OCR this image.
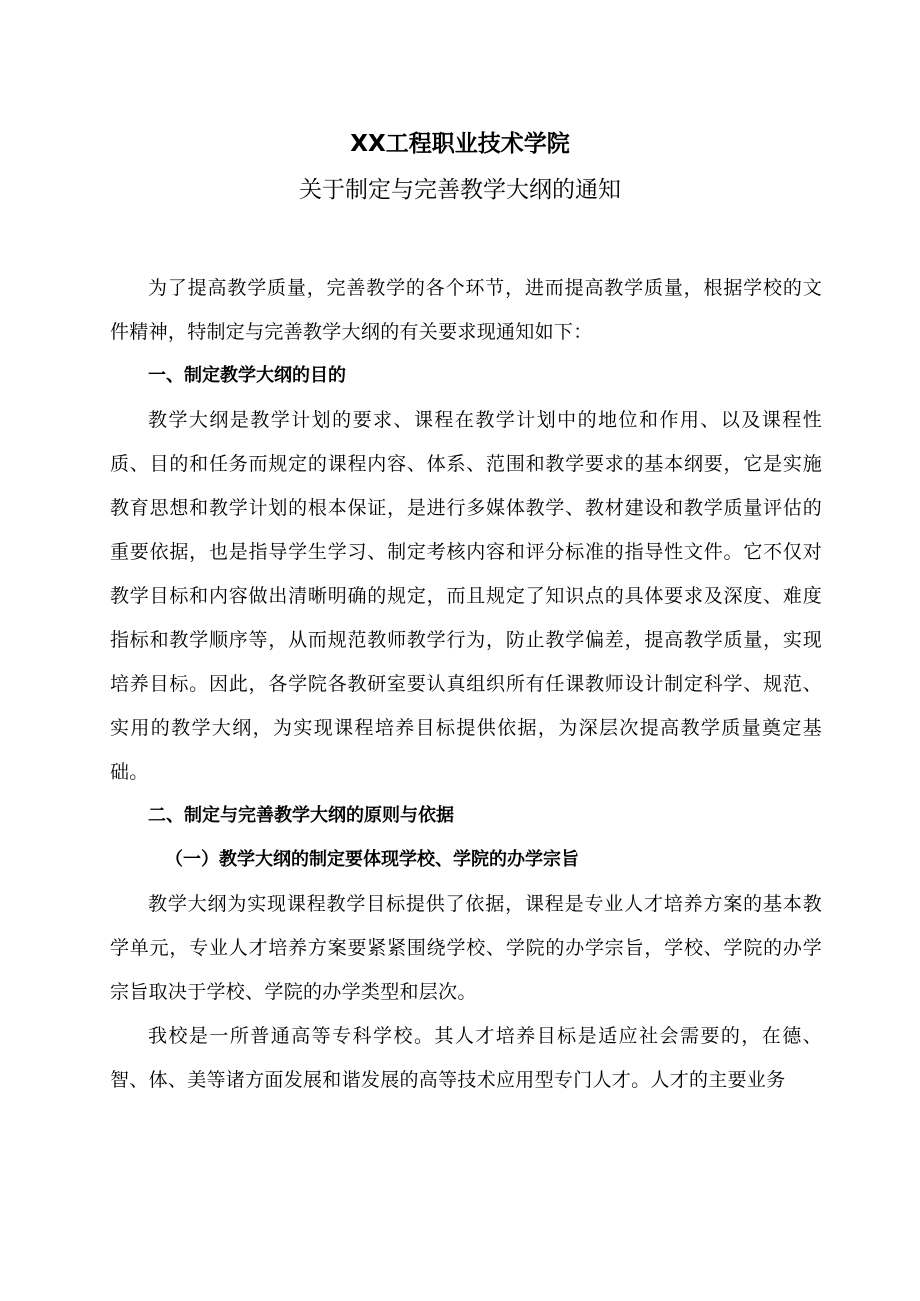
XX工程职业技术学院
关于制定与完善教学大纲的通知

为了提高教学质量，完善教学的各个环节，进而提高教学质量，根据学校的文件精神，特制定与完善教学大纲的有关要求现通知如下：

一、制定教学大纲的目的

教学大纲是教学计划的要求、课程在教学计划中的地位和作用、以及课程性质、目的和任务而规定的课程内容、体系、范围和教学要求的基本纲要，它是实施教育思想和教学计划的根本保证，是进行多媒体教学、教材建设和教学质量评估的重要依据，也是指导学生学习、制定考核内容和评分标准的指导性文件。它不仅对教学目标和内容做出清晰明确的规定，而且规定了知识点的具体要求及深度、难度指标和教学顺序等，从而规范教师教学行为，防止教学偏差，提高教学质量，实现培养目标。因此，各学院各教研室要认真组织所有任课教师设计制定科学、规范、实用的教学大纲，为实现课程培养目标提供依据，为深层次提高教学质量奠定基础。

二、制定与完善教学大纲的原则与依据

（一）教学大纲的制定要体现学校、学院的办学宗旨

教学大纲为实现课程教学目标提供了依据，课程是专业人才培养方案的基本教学单元，专业人才培养方案要紧紧围绕学校、学院的办学宗旨，学校、学院的办学宗旨取决于学校、学院的办学类型和层次。

我校是一所普通高等专科学校。其人才培养目标是适应社会需要的，在德、智、体、美等诸方面发展和谐发展的高等技术应用型专门人才。人才的主要业务
